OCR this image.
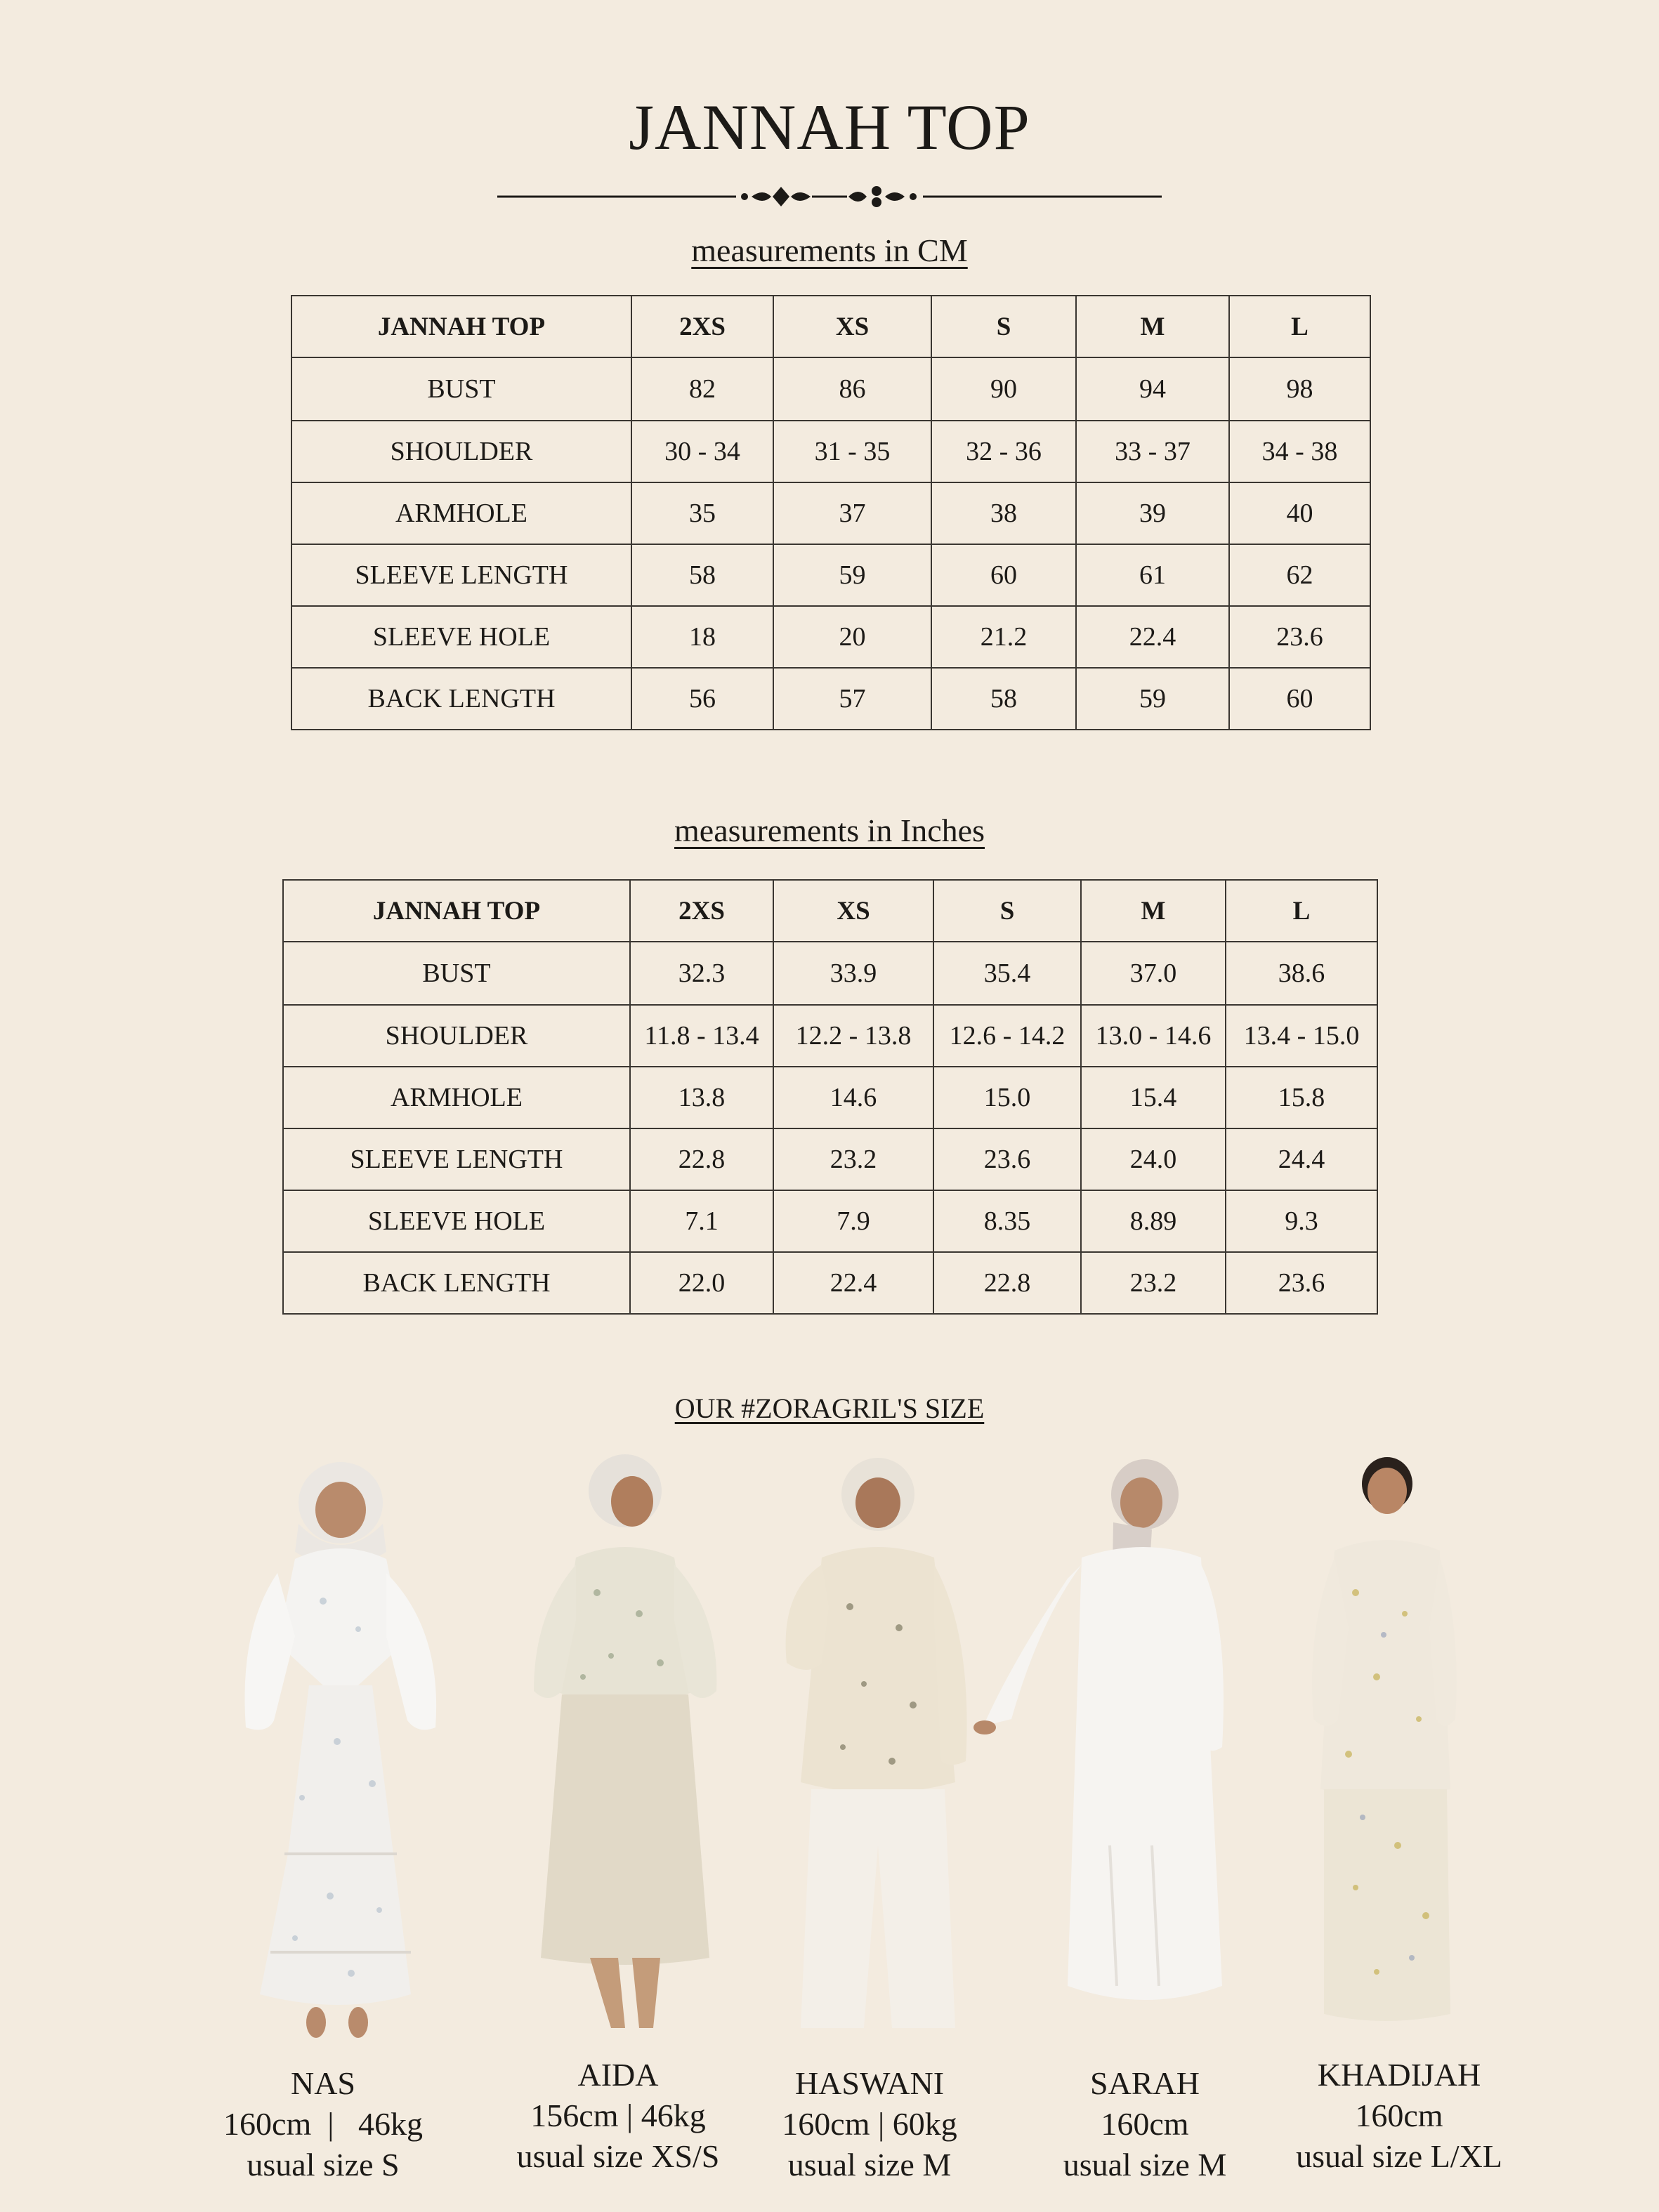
JANNAH TOP
measurements in CM
JANNAH TOP	2XS	XS	S	M	L
BUST	82	86	90	94	98
SHOULDER	30 - 34	31 - 35	32 - 36	33 - 37	34 - 38
ARMHOLE	35	37	38	39	40
SLEEVE LENGTH	58	59	60	61	62
SLEEVE HOLE	18	20	21.2	22.4	23.6
BACK LENGTH	56	57	58	59	60
measurements in Inches
JANNAH TOP	2XS	XS	S	M	L
BUST	32.3	33.9	35.4	37.0	38.6
SHOULDER	11.8 - 13.4	12.2 - 13.8	12.6 - 14.2	13.0 - 14.6	13.4 - 15.0
ARMHOLE	13.8	14.6	15.0	15.4	15.8
SLEEVE LENGTH	22.8	23.2	23.6	24.0	24.4
SLEEVE HOLE	7.1	7.9	8.35	8.89	9.3
BACK LENGTH	22.0	22.4	22.8	23.2	23.6
OUR #ZORAGRIL'S SIZE
NAS
160cm  |   46kg
usual size S
AIDA
156cm | 46kg
usual size XS/S
HASWANI
160cm | 60kg
usual size M
SARAH
160cm
usual size M
KHADIJAH
160cm
usual size L/XL
